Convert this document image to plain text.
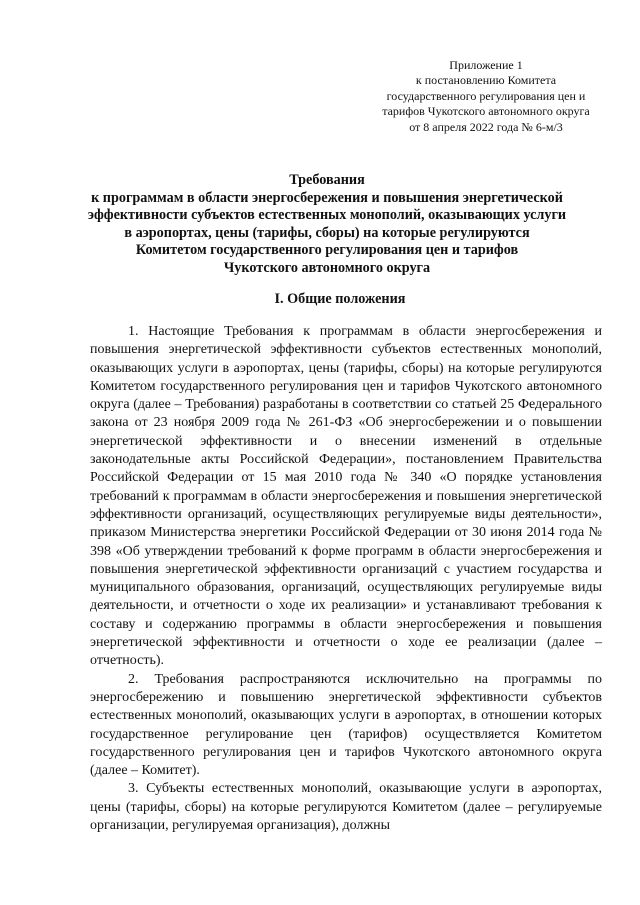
Приложение 1
к постановлению Комитета
государственного регулирования цен и
тарифов Чукотского автономного округа
от 8 апреля 2022 года № 6-м/3
Требования
к программам в области энергосбережения и повышения энергетической
эффективности субъектов естественных монополий, оказывающих услуги
в аэропортах, цены (тарифы, сборы) на которые регулируются
Комитетом государственного регулирования цен и тарифов
Чукотского автономного округа
I. Общие положения

1. Настоящие Требования к программам в области энергосбережения и повышения энергетической эффективности субъектов естественных монополий, оказывающих услуги в аэропортах, цены (тарифы, сборы) на которые регулируются Комитетом государственного регулирования цен и тарифов Чукотского автономного округа (далее – Требования) разработаны в соответствии со статьей 25 Федерального закона от 23 ноября 2009 года № 261-ФЗ «Об энергосбережении и о повышении энергетической эффективности и о внесении изменений в отдельные законодательные акты Российской Федерации», постановлением Правительства Российской Федерации от 15 мая 2010 года № 340 «О порядке установления требований к программам в области энергосбережения и повышения энергетической эффективности организаций, осуществляющих регулируемые виды деятельности», приказом Министерства энергетики Российской Федерации от 30 июня 2014 года № 398 «Об утверждении требований к форме программ в области энергосбережения и повышения энергетической эффективности организаций с участием государства и муниципального образования, организаций, осуществляющих регулируемые виды деятельности, и отчетности о ходе их реализации» и устанавливают требования к составу и содержанию программы в области энергосбережения и повышения энергетической эффективности и отчетности о ходе ее реализации (далее – отчетность).

2. Требования распространяются исключительно на программы по энергосбережению и повышению энергетической эффективности субъектов естественных монополий, оказывающих услуги в аэропортах, в отношении которых государственное регулирование цен (тарифов) осуществляется Комитетом государственного регулирования цен и тарифов Чукотского автономного округа (далее – Комитет).

3. Субъекты естественных монополий, оказывающие услуги в аэропортах, цены (тарифы, сборы) на которые регулируются Комитетом (далее – регулируемые организации, регулируемая организация), должны
